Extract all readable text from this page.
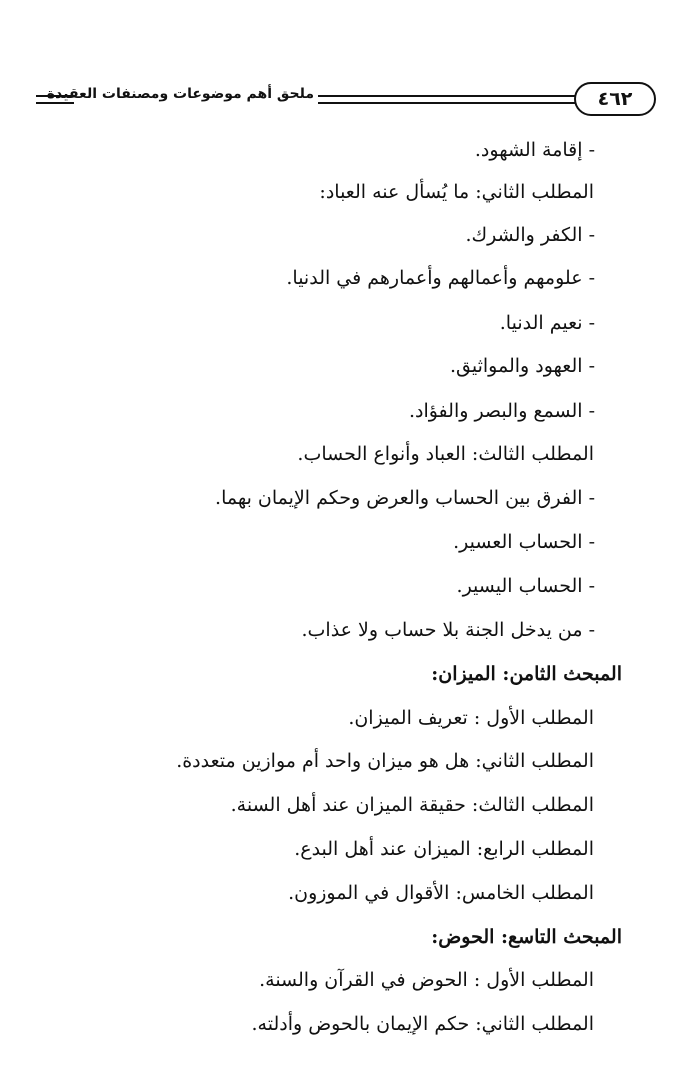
ملحق أهم موضوعات ومصنفات العقيدة	٤٦٢
- إقامة الشهود.
المطلب الثاني: ما يُسأل عنه العباد:
- الكفر والشرك.
- علومهم وأعمالهم وأعمارهم في الدنيا.
- نعيم الدنيا.
- العهود والمواثيق.
- السمع والبصر والفؤاد.
المطلب الثالث: العباد وأنواع الحساب.
- الفرق بين الحساب والعرض وحكم الإيمان بهما.
- الحساب العسير.
- الحساب اليسير.
- من يدخل الجنة بلا حساب ولا عذاب.
المبحث الثامن: الميزان:
المطلب الأول : تعريف الميزان.
المطلب الثاني: هل هو ميزان واحد أم موازين متعددة.
المطلب الثالث: حقيقة الميزان عند أهل السنة.
المطلب الرابع: الميزان عند أهل البدع.
المطلب الخامس: الأقوال في الموزون.
المبحث التاسع: الحوض:
المطلب الأول : الحوض في القرآن والسنة.
المطلب الثاني: حكم الإيمان بالحوض وأدلته.
